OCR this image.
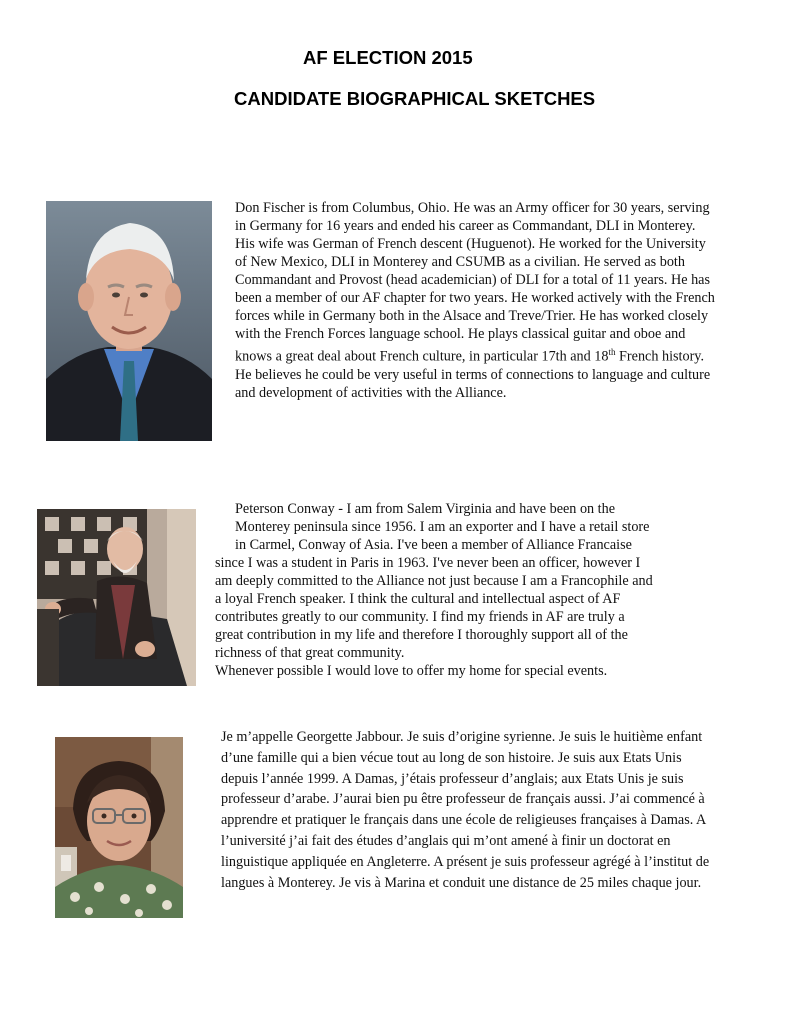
AF ELECTION 2015
CANDIDATE BIOGRAPHICAL SKETCHES

Don Fischer is from Columbus, Ohio. He was an Army officer for 30 years, serving in Germany for 16 years and ended his career as Commandant, DLI in Monterey. His wife was German of French descent (Huguenot). He worked for the University of New Mexico, DLI in Monterey and CSUMB as a civilian. He served as both Commandant and Provost (head academician) of DLI for a total of 11 years. He has been a member of our AF chapter for two years. He worked actively with the French forces while in Germany both in the Alsace and Treve/Trier. He has worked closely with the French Forces language school. He plays classical guitar and oboe and knows a great deal about French culture, in particular 17th and 18th French history. He believes he could be very useful in terms of connections to language and culture and development of activities with the Alliance.

Peterson Conway - I am from Salem Virginia and have been on the
Monterey peninsula since 1956. I am an exporter and I have a retail store
in Carmel, Conway of Asia. I've been a member of Alliance Francaise
since I was a student in Paris in 1963. I've never been an officer, however I
am deeply committed to the Alliance not just because I am a Francophile and
a loyal French speaker. I think the cultural and intellectual aspect of AF
contributes greatly to our community. I find my friends in AF are truly a
great contribution in my life and therefore I thoroughly support all of the
richness of that great community.
Whenever possible I would love to offer my home for special events.

Je m’appelle Georgette Jabbour. Je suis d’origine syrienne. Je suis le huitième enfant d’une famille qui a bien vécue tout au long de son histoire. Je suis aux Etats Unis depuis l’année 1999. A Damas, j’étais professeur d’anglais; aux Etats Unis je suis professeur d’arabe. J’aurai bien pu être professeur de français aussi. J’ai commencé à apprendre et pratiquer le français dans une école de religieuses françaises à Damas. A l’université j’ai fait des études d’anglais qui m’ont amené à finir un doctorat en linguistique appliquée en Angleterre. A présent je suis professeur agrégé à l’institut de langues à Monterey. Je vis à Marina et conduit une distance de 25 miles chaque jour.
